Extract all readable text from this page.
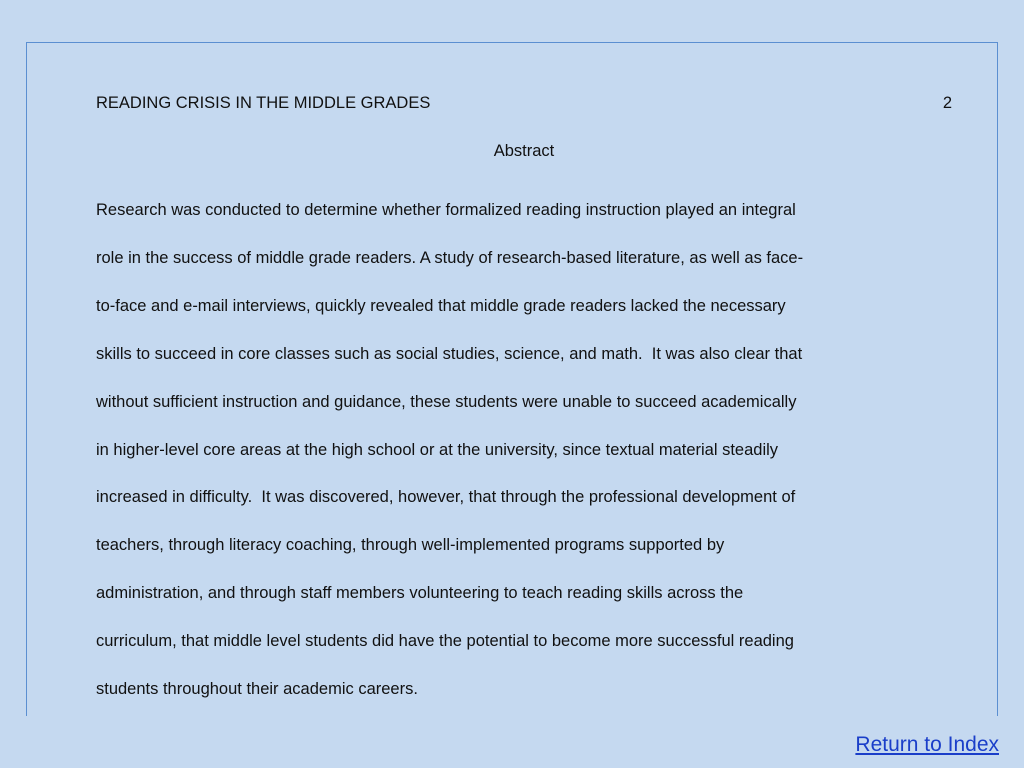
READING CRISIS IN THE MIDDLE GRADES	2
Abstract

Research was conducted to determine whether formalized reading instruction played an integral
role in the success of middle grade readers. A study of research-based literature, as well as face-
to-face and e-mail interviews, quickly revealed that middle grade readers lacked the necessary
skills to succeed in core classes such as social studies, science, and math.  It was also clear that
without sufficient instruction and guidance, these students were unable to succeed academically
in higher-level core areas at the high school or at the university, since textual material steadily
increased in difficulty.  It was discovered, however, that through the professional development of
teachers, through literacy coaching, through well-implemented programs supported by
administration, and through staff members volunteering to teach reading skills across the
curriculum, that middle level students did have the potential to become more successful reading
students throughout their academic careers.

Return to Index
